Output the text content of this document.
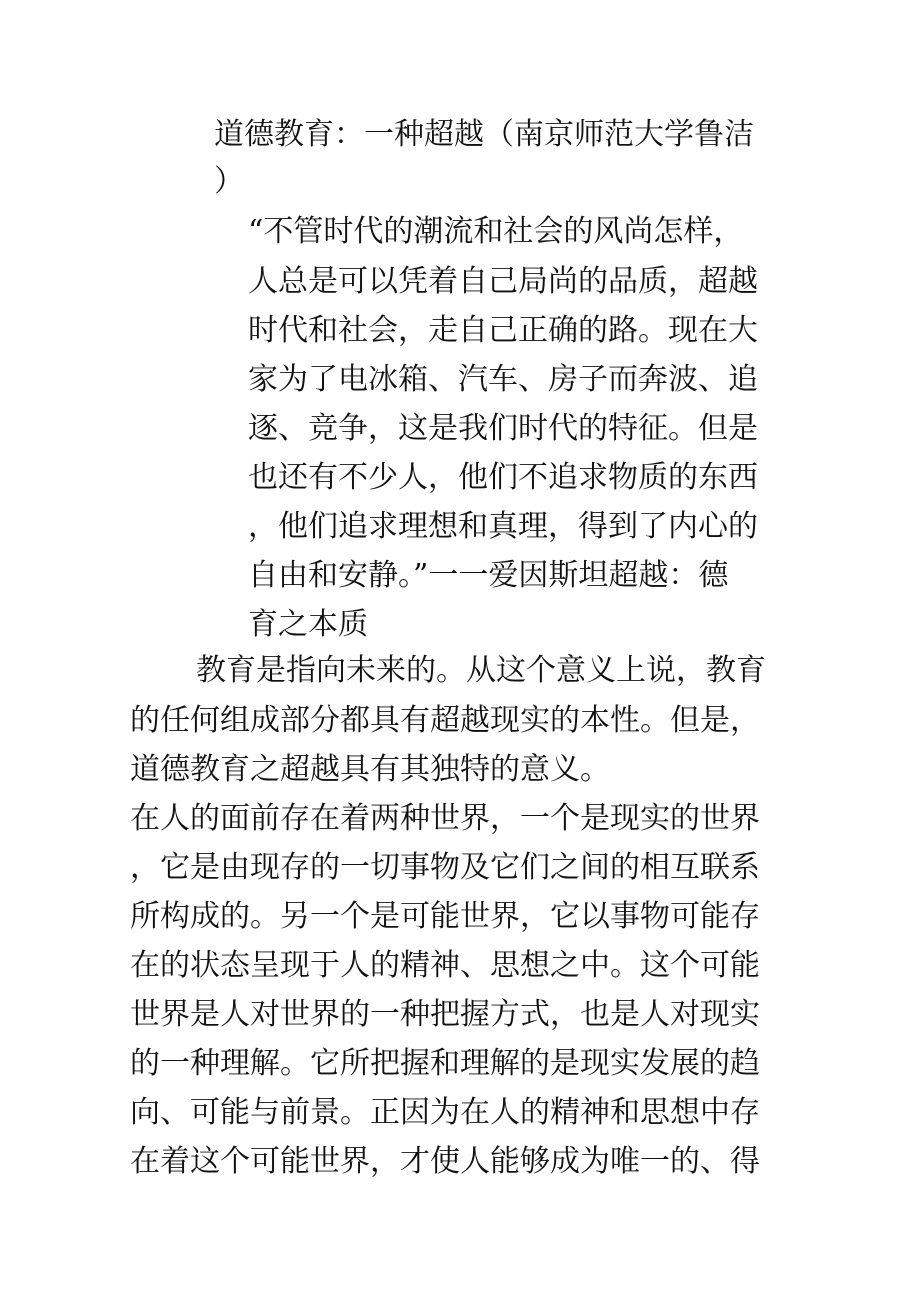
道德教育：一种超越（南京师范大学鲁洁

）

“不管时代的潮流和社会的风尚怎样，

人总是可以凭着自己局尚的品质，超越

时代和社会，走自己正确的路。现在大

家为了电冰箱、汽车、房子而奔波、追

逐、竞争，这是我们时代的特征。但是

也还有不少人，他们不追求物质的东西

，他们追求理想和真理，得到了内心的

自由和安静。”一一爱因斯坦超越：德

育之本质

教育是指向未来的。从这个意义上说，教育

的任何组成部分都具有超越现实的本性。但是，

道德教育之超越具有其独特的意义。

在人的面前存在着两种世界，一个是现实的世界

，它是由现存的一切事物及它们之间的相互联系

所构成的。另一个是可能世界，它以事物可能存

在的状态呈现于人的精神、思想之中。这个可能

世界是人对世界的一种把握方式，也是人对现实

的一种理解。它所把握和理解的是现实发展的趋

向、可能与前景。正因为在人的精神和思想中存

在着这个可能世界，才使人能够成为唯一的、得
